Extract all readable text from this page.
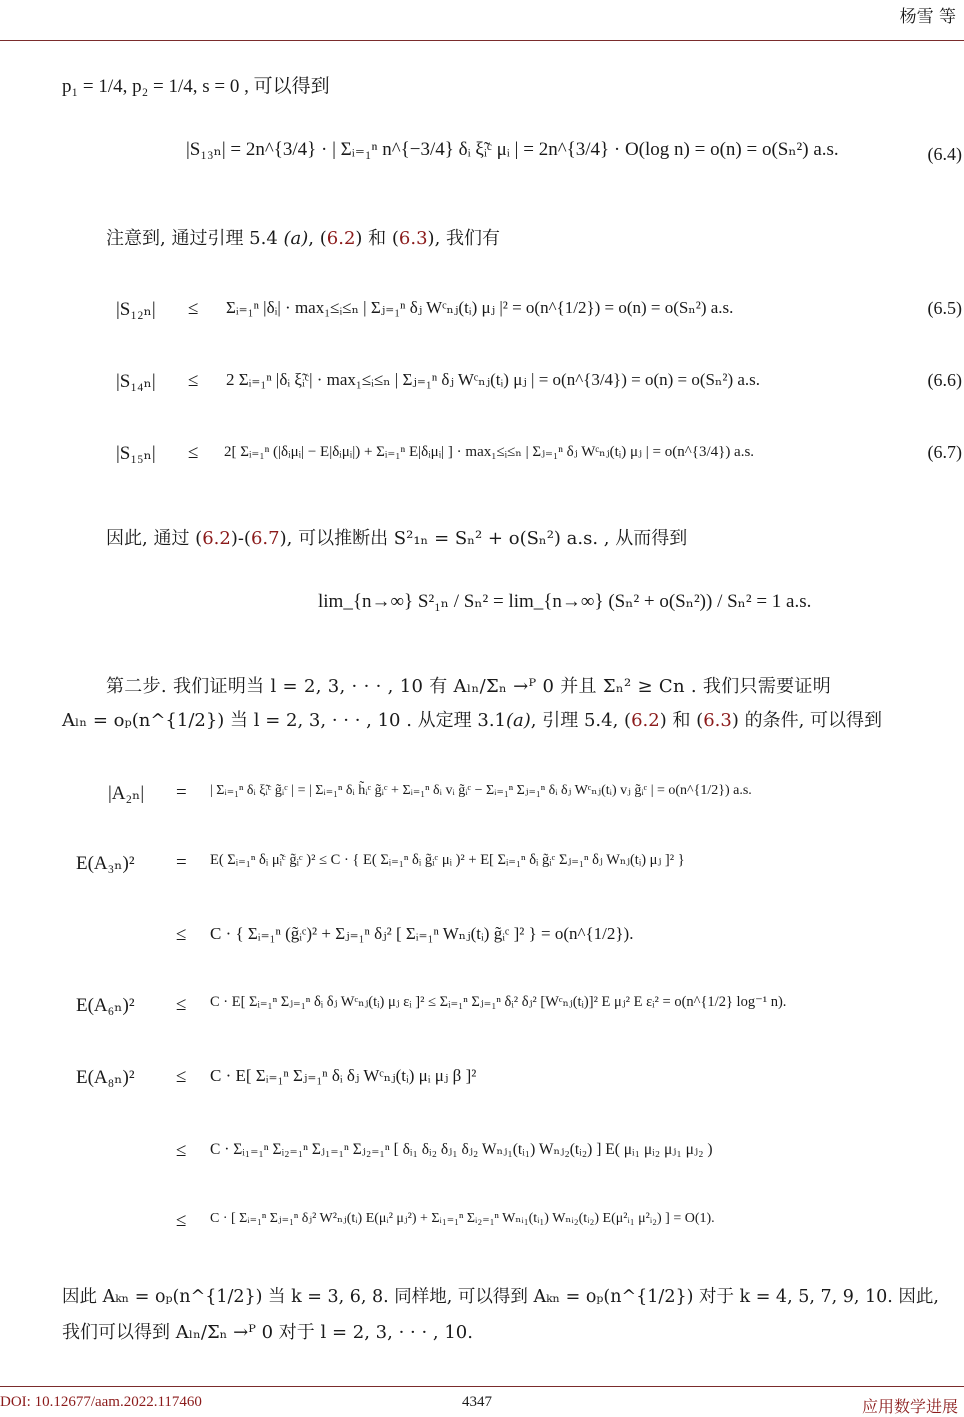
杨雪 等
p₁ = 1/4, p₂ = 1/4, s = 0 , 可以得到
|S₁₃ₙ| = 2n^{3/4} · | Σᵢ₌₁ⁿ n^{−3/4} δᵢ ξ̃ᵢᶜ μᵢ | = 2n^{3/4} · O(log n) = o(n) = o(Sₙ²) a.s.	(6.4)
注意到, 通过引理 5.4 (a), (6.2) 和 (6.3), 我们有
|S₁₂ₙ| ≤ Σᵢ₌₁ⁿ |δᵢ| · max₁≤ᵢ≤ₙ | Σⱼ₌₁ⁿ δⱼ Wᶜₙⱼ(tᵢ) μⱼ |² = o(n^{1/2}) = o(n) = o(Sₙ²) a.s.	(6.5)
|S₁₄ₙ| ≤ 2 Σᵢ₌₁ⁿ |δᵢ ξ̃ᵢᶜ| · max₁≤ᵢ≤ₙ | Σⱼ₌₁ⁿ δⱼ Wᶜₙⱼ(tᵢ) μⱼ | = o(n^{3/4}) = o(n) = o(Sₙ²) a.s.	(6.6)
|S₁₅ₙ| ≤ 2[ Σᵢ₌₁ⁿ (|δᵢμᵢ| − E|δᵢμᵢ|) + Σᵢ₌₁ⁿ E|δᵢμᵢ| ] · max₁≤ᵢ≤ₙ | Σⱼ₌₁ⁿ δⱼ Wᶜₙⱼ(tᵢ) μⱼ | = o(n^{3/4}) a.s.	(6.7)
因此, 通过 (6.2)-(6.7), 可以推断出 S²₁ₙ = Sₙ² + o(Sₙ²) a.s. , 从而得到
lim_{n→∞} S²₁ₙ / Sₙ² = lim_{n→∞} (Sₙ² + o(Sₙ²)) / Sₙ² = 1 a.s.
第二步. 我们证明当 l = 2, 3, · · · , 10 有 Aₗₙ/Σₙ →ᴾ 0 并且 Σₙ² ≥ Cn . 我们只需要证明
Aₗₙ = oₚ(n^{1/2}) 当 l = 2, 3, · · · , 10 . 从定理 3.1(a), 引理 5.4, (6.2) 和 (6.3) 的条件, 可以得到
|A₂ₙ| = | Σᵢ₌₁ⁿ δᵢ ξ̃ᵢᶜ g̃ᵢᶜ | = | Σᵢ₌₁ⁿ δᵢ h̃ᵢᶜ g̃ᵢᶜ + Σᵢ₌₁ⁿ δᵢ vᵢ g̃ᵢᶜ − Σᵢ₌₁ⁿ Σⱼ₌₁ⁿ δᵢ δⱼ Wᶜₙⱼ(tᵢ) vⱼ g̃ᵢᶜ | = o(n^{1/2}) a.s.
E(A₃ₙ)² = E( Σᵢ₌₁ⁿ δᵢ μ̃ᵢᶜ g̃ᵢᶜ )² ≤ C · { E( Σᵢ₌₁ⁿ δᵢ g̃ᵢᶜ μᵢ )² + E[ Σᵢ₌₁ⁿ δᵢ g̃ᵢᶜ Σⱼ₌₁ⁿ δⱼ Wₙⱼ(tᵢ) μⱼ ]² }
≤ C · { Σᵢ₌₁ⁿ (g̃ᵢᶜ)² + Σⱼ₌₁ⁿ δⱼ² [ Σᵢ₌₁ⁿ Wₙⱼ(tᵢ) g̃ᵢᶜ ]² } = o(n^{1/2}).
E(A₆ₙ)² ≤ C · E[ Σᵢ₌₁ⁿ Σⱼ₌₁ⁿ δᵢ δⱼ Wᶜₙⱼ(tᵢ) μⱼ εᵢ ]² ≤ Σᵢ₌₁ⁿ Σⱼ₌₁ⁿ δᵢ² δⱼ² [Wᶜₙⱼ(tᵢ)]² E μⱼ² E εᵢ² = o(n^{1/2} log⁻¹ n).
E(A₈ₙ)² ≤ C · E[ Σᵢ₌₁ⁿ Σⱼ₌₁ⁿ δᵢ δⱼ Wᶜₙⱼ(tᵢ) μᵢ μⱼ β ]²
≤ C · Σᵢ₁₌₁ⁿ Σᵢ₂₌₁ⁿ Σⱼ₁₌₁ⁿ Σⱼ₂₌₁ⁿ [ δᵢ₁ δᵢ₂ δⱼ₁ δⱼ₂ Wₙⱼ₁(tᵢ₁) Wₙⱼ₂(tᵢ₂) ] E( μᵢ₁ μᵢ₂ μⱼ₁ μⱼ₂ )
≤ C · [ Σᵢ₌₁ⁿ Σⱼ₌₁ⁿ δⱼ² W²ₙⱼ(tᵢ) E(μᵢ² μⱼ²) + Σᵢ₁₌₁ⁿ Σᵢ₂₌₁ⁿ Wₙᵢ₁(tᵢ₁) Wₙᵢ₂(tᵢ₂) E(μ²ᵢ₁ μ²ᵢ₂) ] = O(1).
因此 Aₖₙ = oₚ(n^{1/2}) 当 k = 3, 6, 8. 同样地, 可以得到 Aₖₙ = oₚ(n^{1/2}) 对于 k = 4, 5, 7, 9, 10. 因此,
我们可以得到 Aₗₙ/Σₙ →ᴾ 0 对于 l = 2, 3, · · · , 10.
DOI: 10.12677/aam.2022.117460	4347	应用数学进展
